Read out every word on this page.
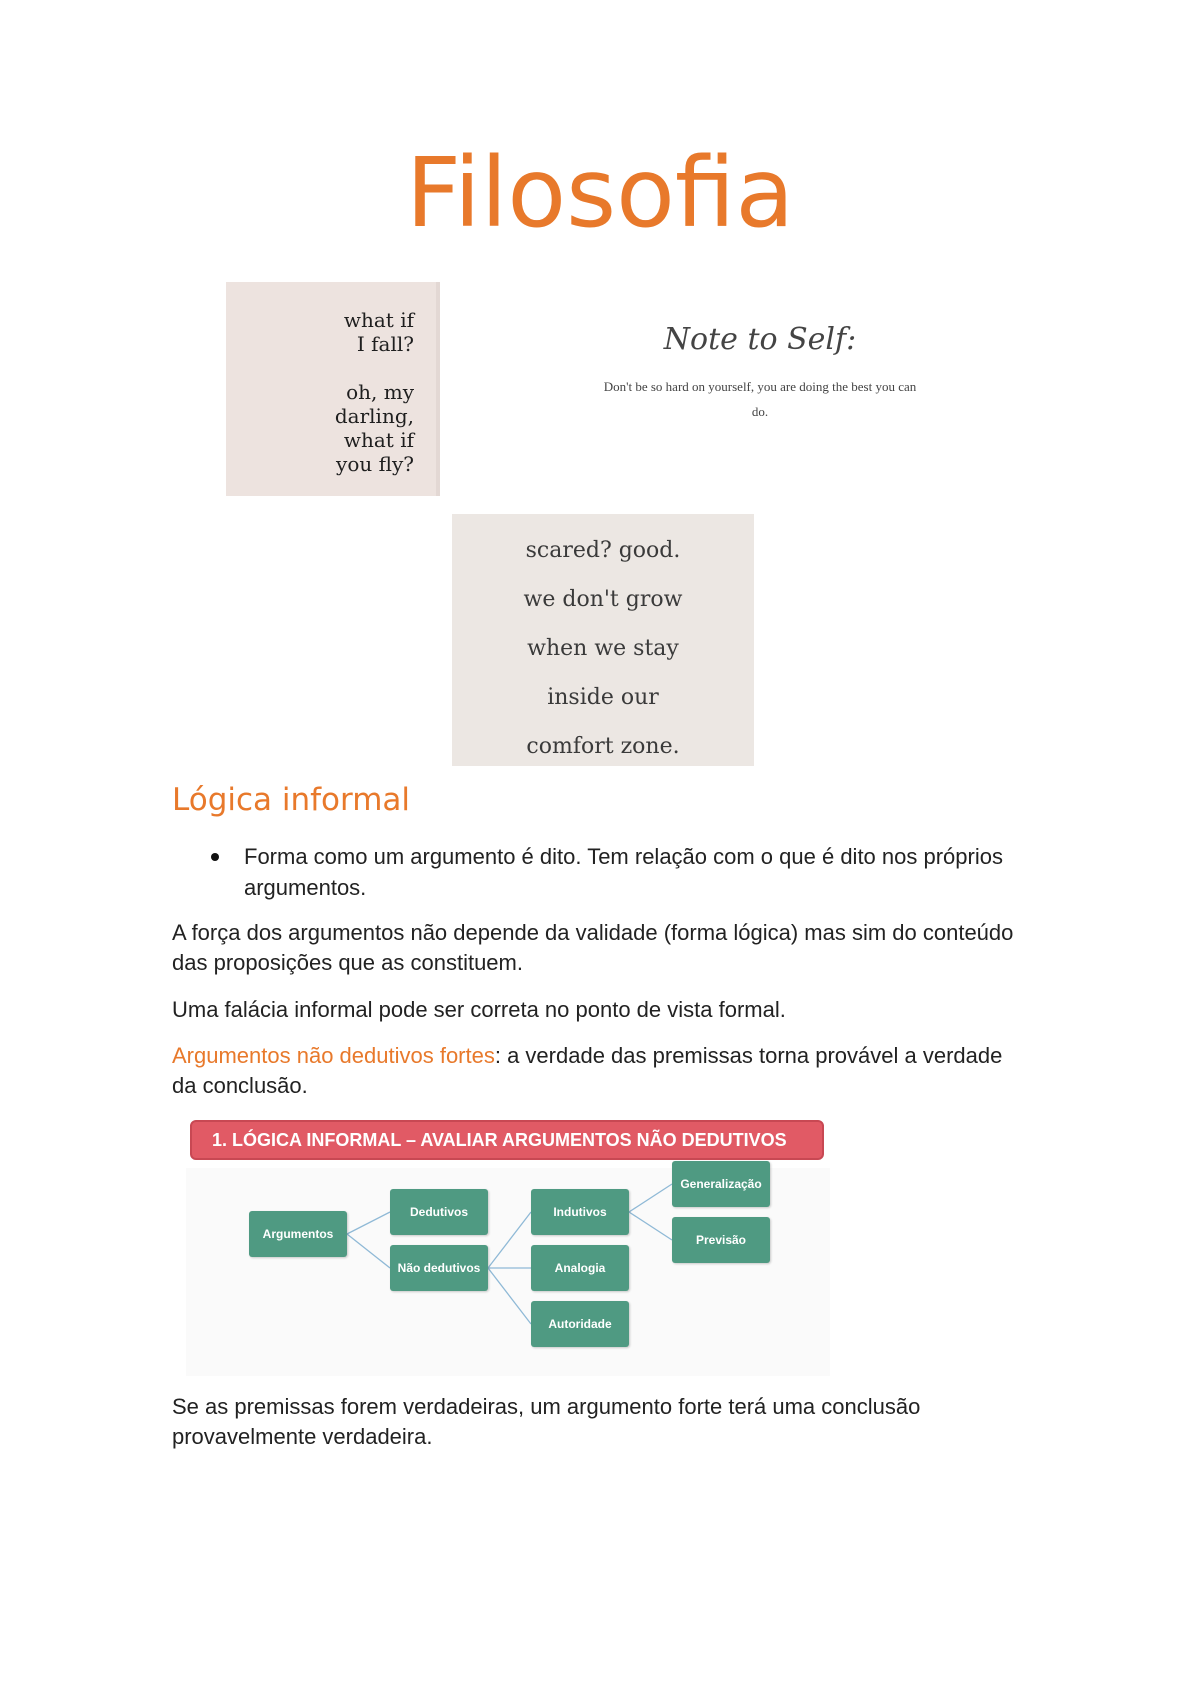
Filosofia
what if
I fall?
oh, my
darling,
what if
you fly?
Note to Self:
Don't be so hard on yourself, you are doing the best you can do.
scared? good.
we don't grow
when we stay
inside our
comfort zone.
Lógica informal
Forma como um argumento é dito. Tem relação com o que é dito nos próprios argumentos.

A força dos argumentos não depende da validade (forma lógica) mas sim do conteúdo das proposições que as constituem.

Uma falácia informal pode ser correta no ponto de vista formal.

Argumentos não dedutivos fortes: a verdade das premissas torna provável a verdade da conclusão.

1. LÓGICA INFORMAL – AVALIAR ARGUMENTOS NÃO DEDUTIVOS
Argumentos
Dedutivos
Não dedutivos
Indutivos
Analogia
Autoridade
Generalização
Previsão

Se as premissas forem verdadeiras, um argumento forte terá uma conclusão provavelmente verdadeira.
